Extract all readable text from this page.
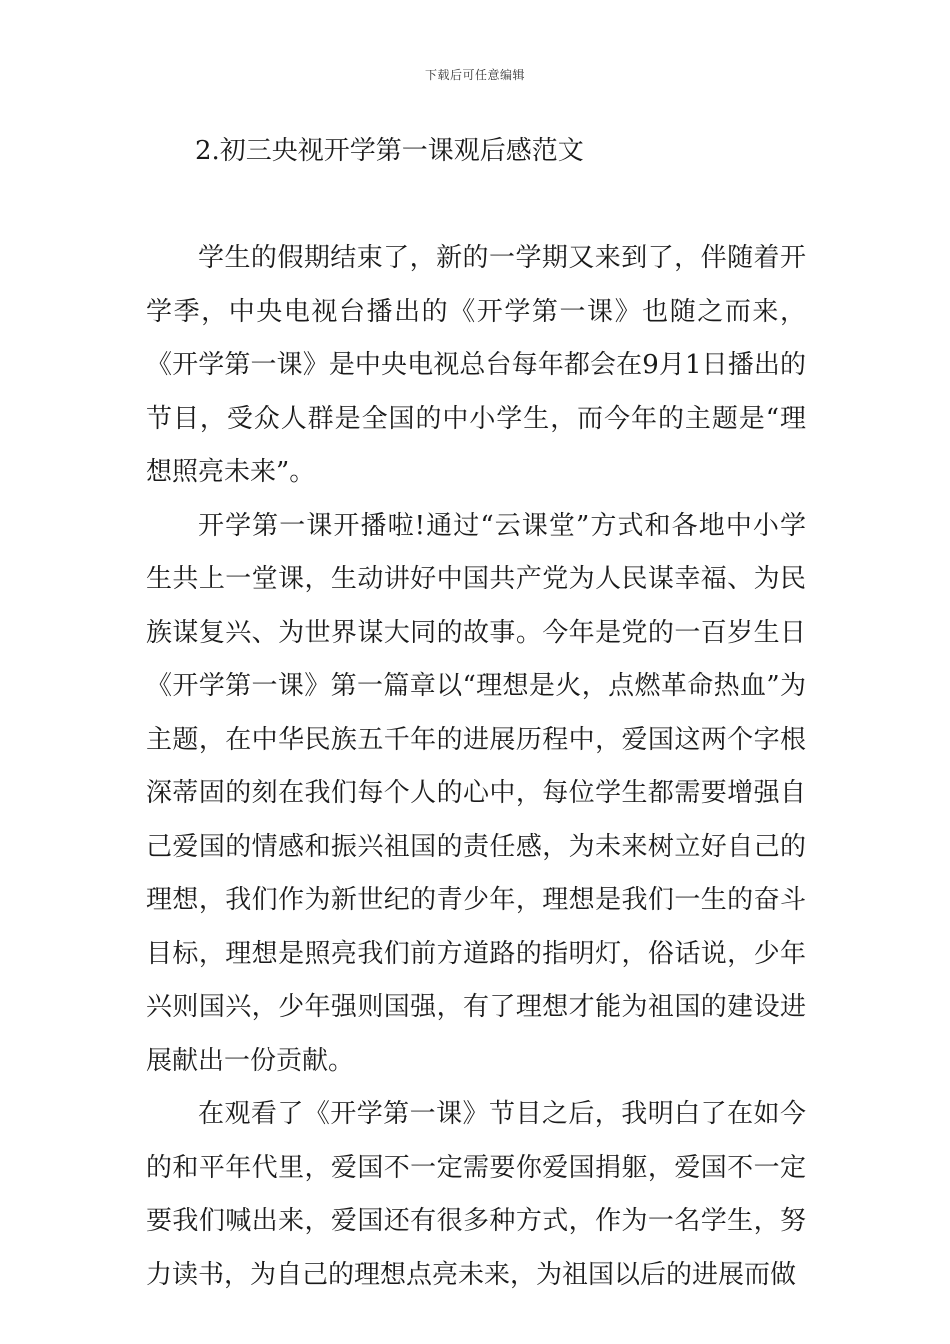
下载后可任意编辑
2.初三央视开学第一课观后感范文

学生的假期结束了，新的一学期又来到了，伴随着开学季，中央电视台播出的《开学第一课》也随之而来，《开学第一课》是中央电视总台每年都会在9月1日播出的节目，受众人群是全国的中小学生，而今年的主题是“理想照亮未来”。

开学第一课开播啦!通过“云课堂”方式和各地中小学生共上一堂课，生动讲好中国共产党为人民谋幸福、为民族谋复兴、为世界谋大同的故事。今年是党的一百岁生日《开学第一课》第一篇章以“理想是火，点燃革命热血”为主题，在中华民族五千年的进展历程中，爱国这两个字根深蒂固的刻在我们每个人的心中，每位学生都需要增强自己爱国的情感和振兴祖国的责任感，为未来树立好自己的理想，我们作为新世纪的青少年，理想是我们一生的奋斗目标，理想是照亮我们前方道路的指明灯，俗话说，少年兴则国兴，少年强则国强，有了理想才能为祖国的建设进展献出一份贡献。

在观看了《开学第一课》节目之后，我明白了在如今的和平年代里，爱国不一定需要你爱国捐躯，爱国不一定要我们喊出来，爱国还有很多种方式，作为一名学生，努力读书，为自己的理想点亮未来，为祖国以后的进展而做
